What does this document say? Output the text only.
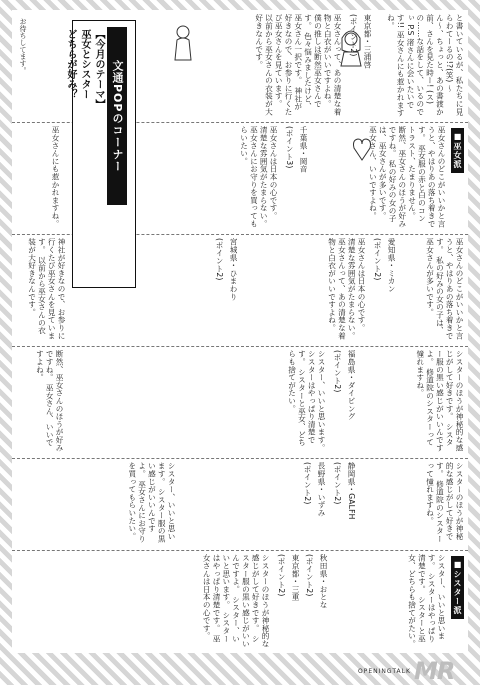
と書いているが、私たちに見らわてーるの!?(笑) 〜 ん〜、ちょっと、あの書渡か前、さんを見た時ー! (ス)の……な話をして、いるのでぃ P.S 渚さんに会いたいです!! 巫女さんにも惹かれますね。
東京都・三浦啓
(ポイント2)
巫女さんって、あの清楚な着物と白衣がいいですよね。 僕の推しは断然巫女さんです。 色々悩みましたけど、巫女さん一択です。 神社が好きなので、お参りに行くたび巫女さんを見ています。 以前から巫女さんの衣装が大好きなんです。
■巫女派
巫女さんのどこがいいかと言うと、やはりあの落ち着きです。 巫女服の赤と白のコントラスト、たまりません。 断然、巫女さんのほうが好みですね。 私の好みの女の子は、巫女さんが多いです。 巫女さん、いいですよね。
千葉県・岡音
(ポイント3)
巫女さんは日本の心です。 清楚な雰囲気がたまらない。 巫女さんにお守りを買ってもらいたい。
巫女さんのどこがいいかと言うと、やはりあの落ち着きです。 私の好みの女の子は、巫女さんが多いです。
愛知県・ミカン
(ポイント2)
巫女さんは日本の心です。 清楚な雰囲気がたまらない。 巫女さんって、あの清楚な着物と白衣がいいですよね。
宮城県・ひまわり
(ポイント2)
シスターのほうが神秘的な感じがして好きです。 シスター服の黒い感じがいいんですよ。 修道院のシスターって憧れますね。
福島県・ダイビング
(ポイント2)
シスター、いいと思います。 シスターはやっぱり清楚です。 シスターと巫女、どちらも捨てがたい。
シスターのほうが神秘的な感じがして好きです。 修道院のシスターって憧れますね。
静岡県・GALFH
(ポイント2)
長野県・いずみ
(ポイント2)
■シスター派
シスター、いいと思います。 シスターはやっぱり清楚です。 シスターと巫女、どちらも捨てがたい。
秋田県・おとな
(ポイント2)
東京都・三重
(ポイント2)
シスターのほうが神秘的な感じがして好きです。 シスター服の黒い感じがいいんですよ。 シスター、いいと思います。 シスターはやっぱり清楚です。 巫女さんは日本の心です。
神社が好きなので、お参りに行くたび巫女さんを見ています。 以前から巫女さんの衣装が大好きなんです。
断然、巫女さんのほうが好みですね。 巫女さん、いいですよね。
シスター、いいと思います。 シスター服の黒い感じがいいんですよ。 巫女さんにお守りを買ってもらいたい。
巫女さんにも惹かれますね。
お待ちしてます。
文通POPのコーナー
【今月のテーマ】
巫女とシスター
どちらが好み？
OPENINGTALK MR
